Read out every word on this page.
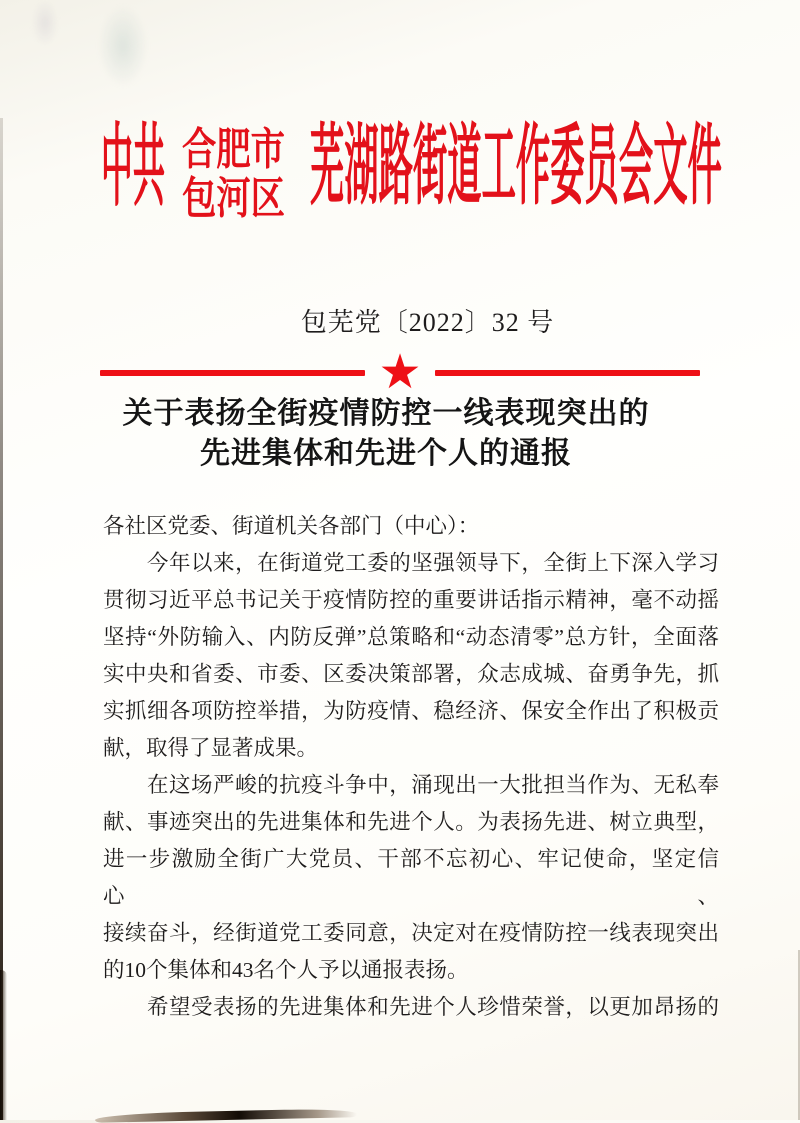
中共 合肥市
包河区 芜湖路街道工作委员会文件
包芜党〔2022〕32 号
★
关于表扬全街疫情防控一线表现突出的
先进集体和先进个人的通报

各社区党委、街道机关各部门（中心）：

今年以来，在街道党工委的坚强领导下，全街上下深入学习

贯彻习近平总书记关于疫情防控的重要讲话指示精神，毫不动摇

坚持“外防输入、内防反弹”总策略和“动态清零”总方针，全面落

实中央和省委、市委、区委决策部署，众志成城、奋勇争先，抓

实抓细各项防控举措，为防疫情、稳经济、保安全作出了积极贡

献，取得了显著成果。

在这场严峻的抗疫斗争中，涌现出一大批担当作为、无私奉

献、事迹突出的先进集体和先进个人。为表扬先进、树立典型，

进一步激励全街广大党员、干部不忘初心、牢记使命，坚定信心、

接续奋斗，经街道党工委同意，决定对在疫情防控一线表现突出

的10个集体和43名个人予以通报表扬。

希望受表扬的先进集体和先进个人珍惜荣誉，以更加昂扬的
